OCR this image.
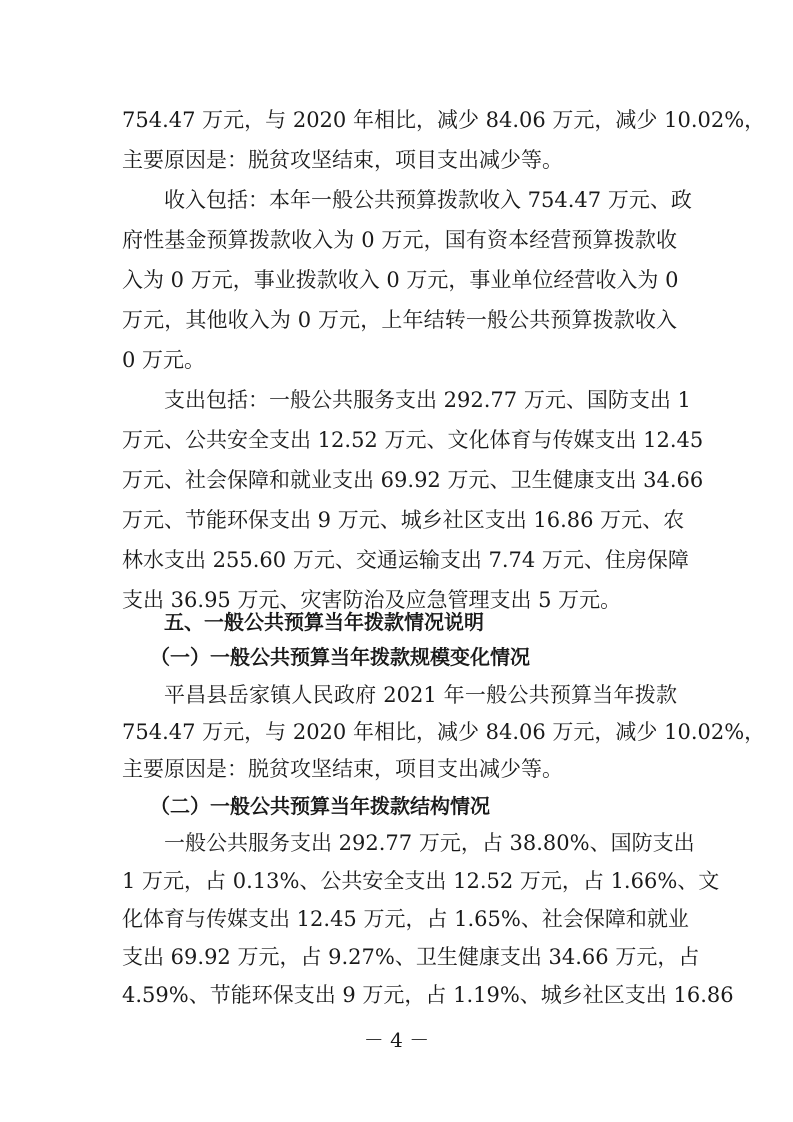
754.47 万元，与 2020 年相比，减少 84.06 万元，减少 10.02%，

主要原因是：脱贫攻坚结束，项目支出减少等。

收入包括：本年一般公共预算拨款收入 754.47 万元、政

府性基金预算拨款收入为 0 万元，国有资本经营预算拨款收

入为 0 万元，事业拨款收入 0 万元，事业单位经营收入为 0

万元，其他收入为 0 万元，上年结转一般公共预算拨款收入

0 万元。

支出包括：一般公共服务支出 292.77 万元、国防支出 1

万元、公共安全支出 12.52 万元、文化体育与传媒支出 12.45

万元、社会保障和就业支出 69.92 万元、卫生健康支出 34.66

万元、节能环保支出 9 万元、城乡社区支出 16.86 万元、农

林水支出 255.60 万元、交通运输支出 7.74 万元、住房保障

支出 36.95 万元、灾害防治及应急管理支出 5 万元。

五、一般公共预算当年拨款情况说明

（一）一般公共预算当年拨款规模变化情况

平昌县岳家镇人民政府 2021 年一般公共预算当年拨款

754.47 万元，与 2020 年相比，减少 84.06 万元，减少 10.02%，

主要原因是：脱贫攻坚结束，项目支出减少等。

（二）一般公共预算当年拨款结构情况

一般公共服务支出 292.77 万元，占 38.80%、国防支出

1 万元，占 0.13%、公共安全支出 12.52 万元，占 1.66%、文

化体育与传媒支出 12.45 万元，占 1.65%、社会保障和就业

支出 69.92 万元，占 9.27%、卫生健康支出 34.66 万元，占

4.59%、节能环保支出 9 万元，占 1.19%、城乡社区支出 16.86

－ 4 －
